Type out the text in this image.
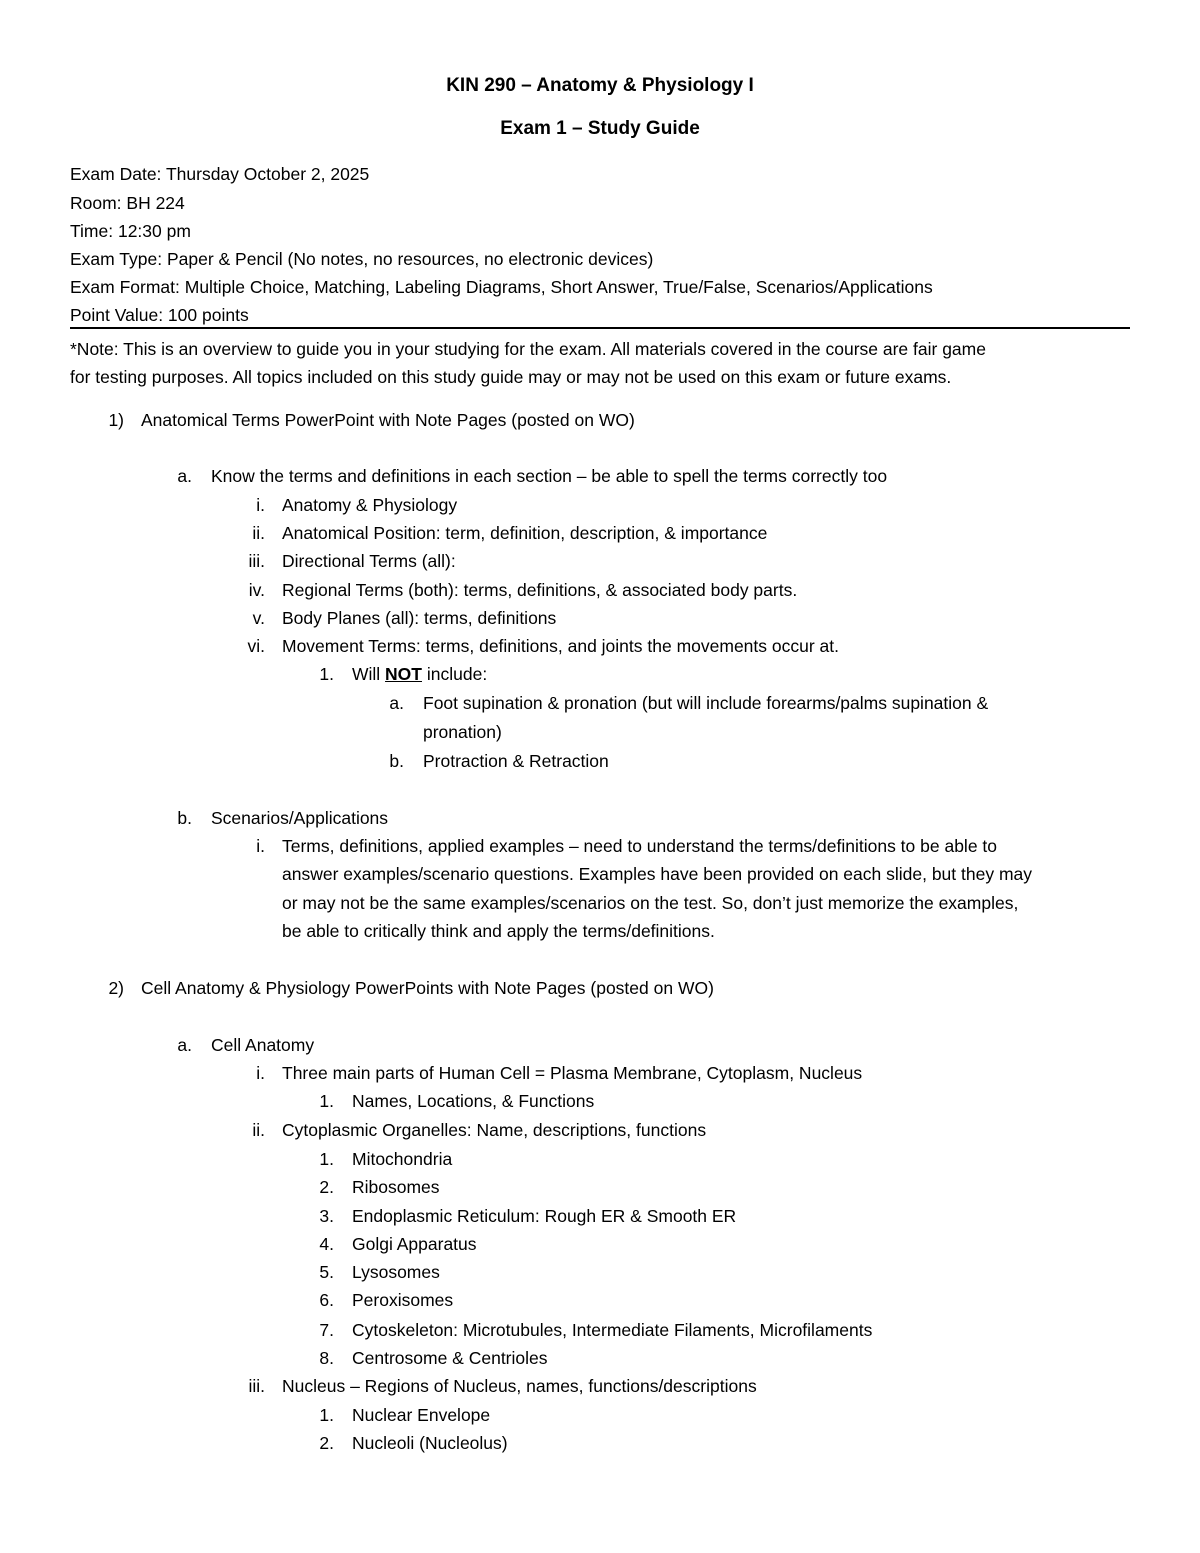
KIN 290 – Anatomy & Physiology I
Exam 1 – Study Guide
Exam Date: Thursday October 2, 2025
Room: BH 224
Time: 12:30 pm
Exam Type: Paper & Pencil (No notes, no resources, no electronic devices)
Exam Format: Multiple Choice, Matching, Labeling Diagrams, Short Answer, True/False, Scenarios/Applications
Point Value: 100 points
*Note: This is an overview to guide you in your studying for the exam. All materials covered in the course are fair game
for testing purposes. All topics included on this study guide may or may not be used on this exam or future exams.
1) Anatomical Terms PowerPoint with Note Pages (posted on WO)
a. Know the terms and definitions in each section – be able to spell the terms correctly too
i. Anatomy & Physiology
ii. Anatomical Position: term, definition, description, & importance
iii. Directional Terms (all):
iv. Regional Terms (both): terms, definitions, & associated body parts.
v. Body Planes (all): terms, definitions
vi. Movement Terms: terms, definitions, and joints the movements occur at.
1. Will NOT include:
a. Foot supination & pronation (but will include forearms/palms supination &
pronation)
b. Protraction & Retraction
b. Scenarios/Applications
i. Terms, definitions, applied examples – need to understand the terms/definitions to be able to
answer examples/scenario questions. Examples have been provided on each slide, but they may
or may not be the same examples/scenarios on the test. So, don’t just memorize the examples,
be able to critically think and apply the terms/definitions.
2) Cell Anatomy & Physiology PowerPoints with Note Pages (posted on WO)
a. Cell Anatomy
i. Three main parts of Human Cell = Plasma Membrane, Cytoplasm, Nucleus
1. Names, Locations, & Functions
ii. Cytoplasmic Organelles: Name, descriptions, functions
1. Mitochondria
2. Ribosomes
3. Endoplasmic Reticulum: Rough ER & Smooth ER
4. Golgi Apparatus
5. Lysosomes
6. Peroxisomes
7. Cytoskeleton: Microtubules, Intermediate Filaments, Microfilaments
8. Centrosome & Centrioles
iii. Nucleus – Regions of Nucleus, names, functions/descriptions
1. Nuclear Envelope
2. Nucleoli (Nucleolus)
